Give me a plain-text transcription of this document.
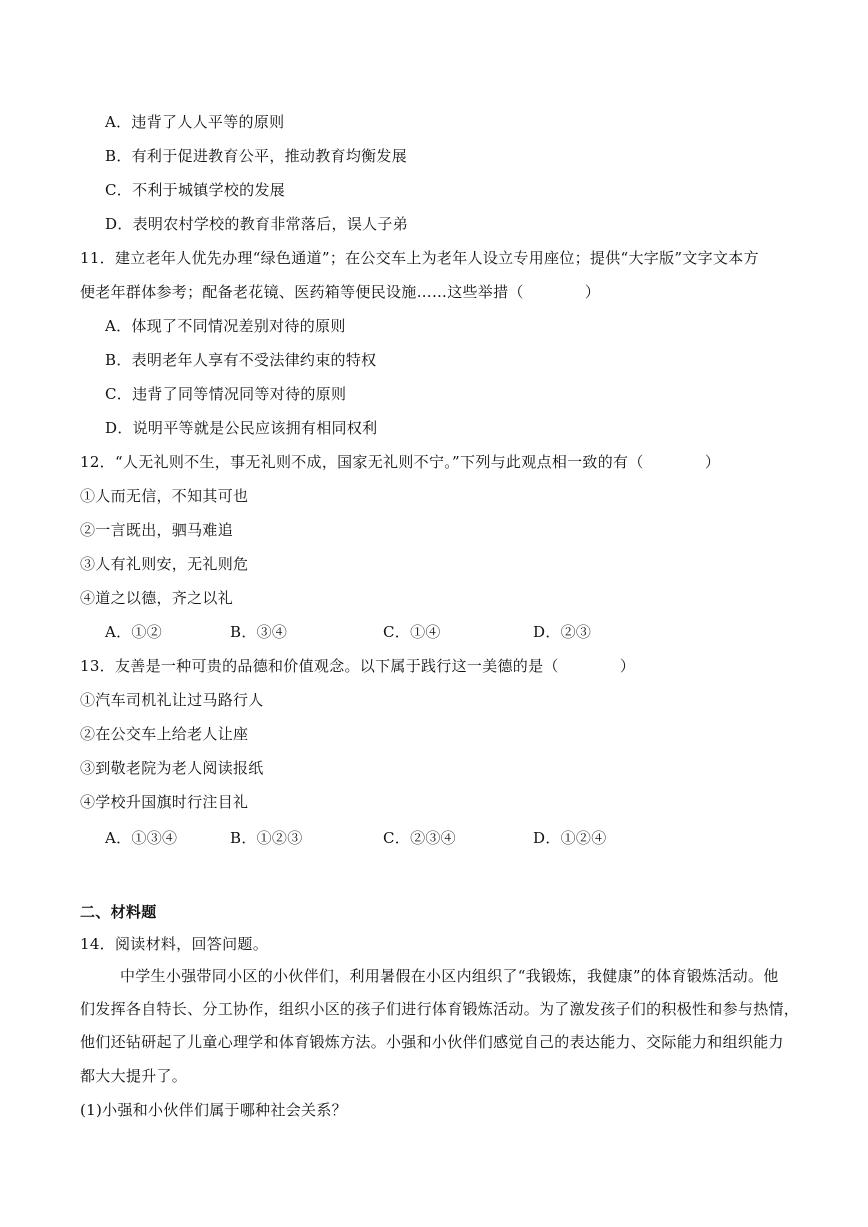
A．违背了人人平等的原则
B．有利于促进教育公平，推动教育均衡发展
C．不利于城镇学校的发展
D．表明农村学校的教育非常落后，误人子弟
11．建立老年人优先办理“绿色通道”；在公交车上为老年人设立专用座位；提供“大字版”文字文本方
便老年群体参考；配备老花镜、医药箱等便民设施……这些举措（　　　　）
A．体现了不同情况差别对待的原则
B．表明老年人享有不受法律约束的特权
C．违背了同等情况同等对待的原则
D．说明平等就是公民应该拥有相同权利
12．“人无礼则不生，事无礼则不成，国家无礼则不宁。”下列与此观点相一致的有（　　　　）
①人而无信，不知其可也
②一言既出，驷马难追
③人有礼则安，无礼则危
④道之以德，齐之以礼
A．①②	B．③④	C．①④	D．②③
13．友善是一种可贵的品德和价值观念。以下属于践行这一美德的是（　　　　）
①汽车司机礼让过马路行人
②在公交车上给老人让座
③到敬老院为老人阅读报纸
④学校升国旗时行注目礼
A．①③④	B．①②③	C．②③④	D．①②④
二、材料题
14．阅读材料，回答问题。
中学生小强带同小区的小伙伴们，利用暑假在小区内组织了“我锻炼，我健康”的体育锻炼活动。他
们发挥各自特长、分工协作，组织小区的孩子们进行体育锻炼活动。为了激发孩子们的积极性和参与热情，
他们还钻研起了儿童心理学和体育锻炼方法。小强和小伙伴们感觉自己的表达能力、交际能力和组织能力
都大大提升了。
(1)小强和小伙伴们属于哪种社会关系？
